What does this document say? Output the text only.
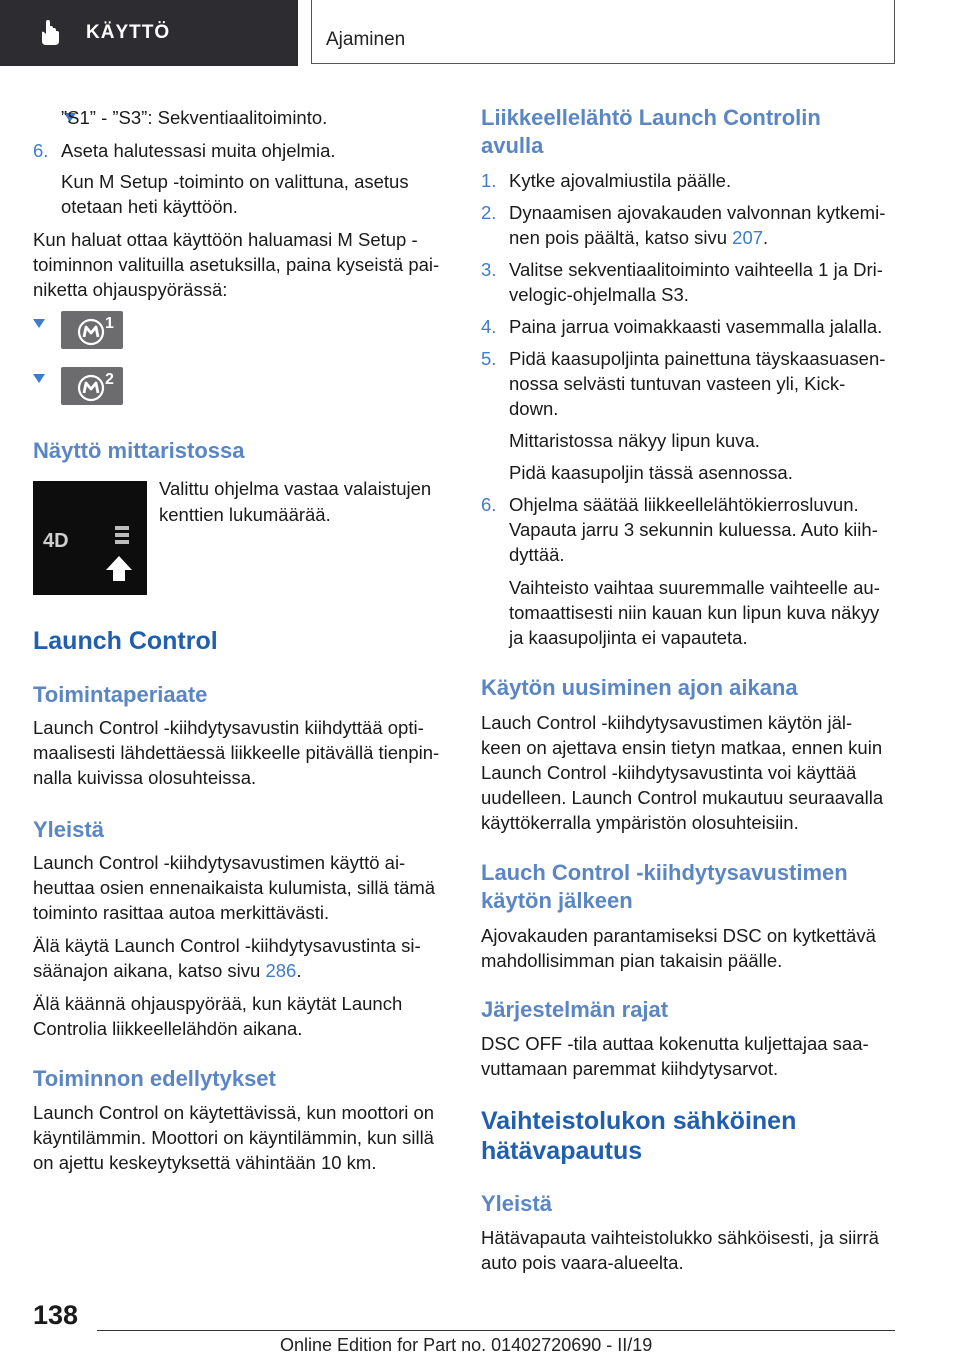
KÄYTTÖ	Ajaminen
”S1” - ”S3”: Sekventiaalitoiminto.
6. Aseta halutessasi muita ohjelmia.
Kun M Setup -toiminto on valittuna, asetus
otetaan heti käyttöön.
Kun haluat ottaa käyttöön haluamasi M Setup -
toiminnon valituilla asetuksilla, paina kyseistä pai-
niketta ohjauspyörässä:
1
2
Näyttö mittaristossa
Valittu ohjelma vastaa valaistujen
kenttien lukumäärää.
Launch Control
Toimintaperiaate
Launch Control -kiihdytysavustin kiihdyttää opti-
maalisesti lähdettäessä liikkeelle pitävällä tienpin-
nalla kuivissa olosuhteissa.
Yleistä
Launch Control -kiihdytysavustimen käyttö ai-
heuttaa osien ennenaikaista kulumista, sillä tämä
toiminto rasittaa autoa merkittävästi.
Älä käytä Launch Control -kiihdytysavustinta si-
säänajon aikana, katso sivu 286.
Älä käännä ohjauspyörää, kun käytät Launch
Controlia liikkeellelähdön aikana.
Toiminnon edellytykset
Launch Control on käytettävissä, kun moottori on
käyntilämmin. Moottori on käyntilämmin, kun sillä
on ajettu keskeytyksettä vähintään 10 km.
4D
Liikkeellelähtö Launch Controlin
avulla
1. Kytke ajovalmiustila päälle.
2. Dynaamisen ajovakauden valvonnan kytkemi-
nen pois päältä, katso sivu 207.
3. Valitse sekventiaalitoiminto vaihteella 1 ja Dri-
velogic-ohjelmalla S3.
4. Paina jarrua voimakkaasti vasemmalla jalalla.
5. Pidä kaasupoljinta painettuna täyskaasuasen-
nossa selvästi tuntuvan vasteen yli, Kick-
down.
Mittaristossa näkyy lipun kuva.
Pidä kaasupoljin tässä asennossa.
6. Ohjelma säätää liikkeellelähtökierrosluvun.
Vapauta jarru 3 sekunnin kuluessa. Auto kiih-
dyttää.
Vaihteisto vaihtaa suuremmalle vaihteelle au-
tomaattisesti niin kauan kun lipun kuva näkyy
ja kaasupoljinta ei vapauteta.
Käytön uusiminen ajon aikana
Lauch Control -kiihdytysavustimen käytön jäl-
keen on ajettava ensin tietyn matkaa, ennen kuin
Launch Control -kiihdytysavustinta voi käyttää
uudelleen. Launch Control mukautuu seuraavalla
käyttökerralla ympäristön olosuhteisiin.
Lauch Control -kiihdytysavustimen
käytön jälkeen
Ajovakauden parantamiseksi DSC on kytkettävä
mahdollisimman pian takaisin päälle.
Järjestelmän rajat
DSC OFF -tila auttaa kokenutta kuljettajaa saa-
vuttamaan paremmat kiihdytysarvot.
Vaihteistolukon sähköinen
hätävapautus
Yleistä
Hätävapauta vaihteistolukko sähköisesti, ja siirrä
auto pois vaara-alueelta.
138
Online Edition for Part no. 01402720690 - II/19
